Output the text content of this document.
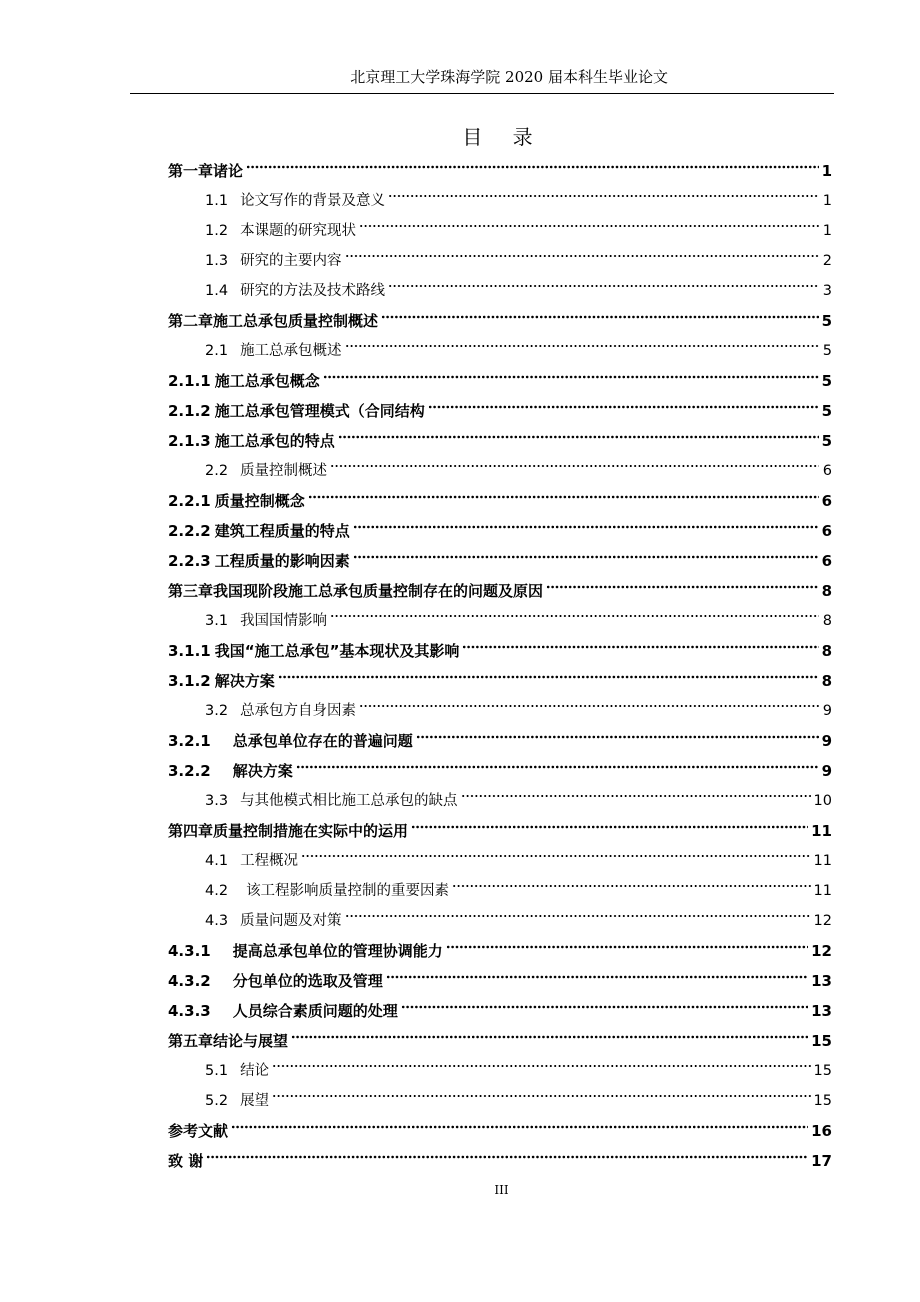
北京理工大学珠海学院 2020 届本科生毕业论文
目 录
第一章 诸论	1
1.1 论文写作的背景及意义	1
1.2 本课题的研究现状	1
1.3 研究的主要内容	2
1.4 研究的方法及技术路线	3
第二章 施工总承包质量控制概述	5
2.1 施工总承包概述	5
2.1.1 施工总承包概念	5
2.1.2 施工总承包管理模式（合同结构	5
2.1.3 施工总承包的特点	5
2.2 质量控制概述	6
2.2.1 质量控制概念	6
2.2.2 建筑工程质量的特点	6
2.2.3 工程质量的影响因素	6
第三章 我国现阶段施工总承包质量控制存在的问题及原因	8
3.1 我国国情影响	8
3.1.1 我国“施工总承包”基本现状及其影响	8
3.1.2 解决方案	8
3.2 总承包方自身因素	9
3.2.1 总承包单位存在的普遍问题	9
3.2.2 解决方案	9
3.3 与其他模式相比施工总承包的缺点	10
第四章 质量控制措施在实际中的运用	11
4.1 工程概况	11
4.2	该工程影响质量控制的重要因素	11
4.3 质量问题及对策	12
4.3.1 提高总承包单位的管理协调能力	12
4.3.2 分包单位的选取及管理	13
4.3.3 人员综合素质问题的处理	13
第五章 结论与展望	15
5.1 结论	15
5.2 展望	15
参考文献	16
致 谢	17
III
